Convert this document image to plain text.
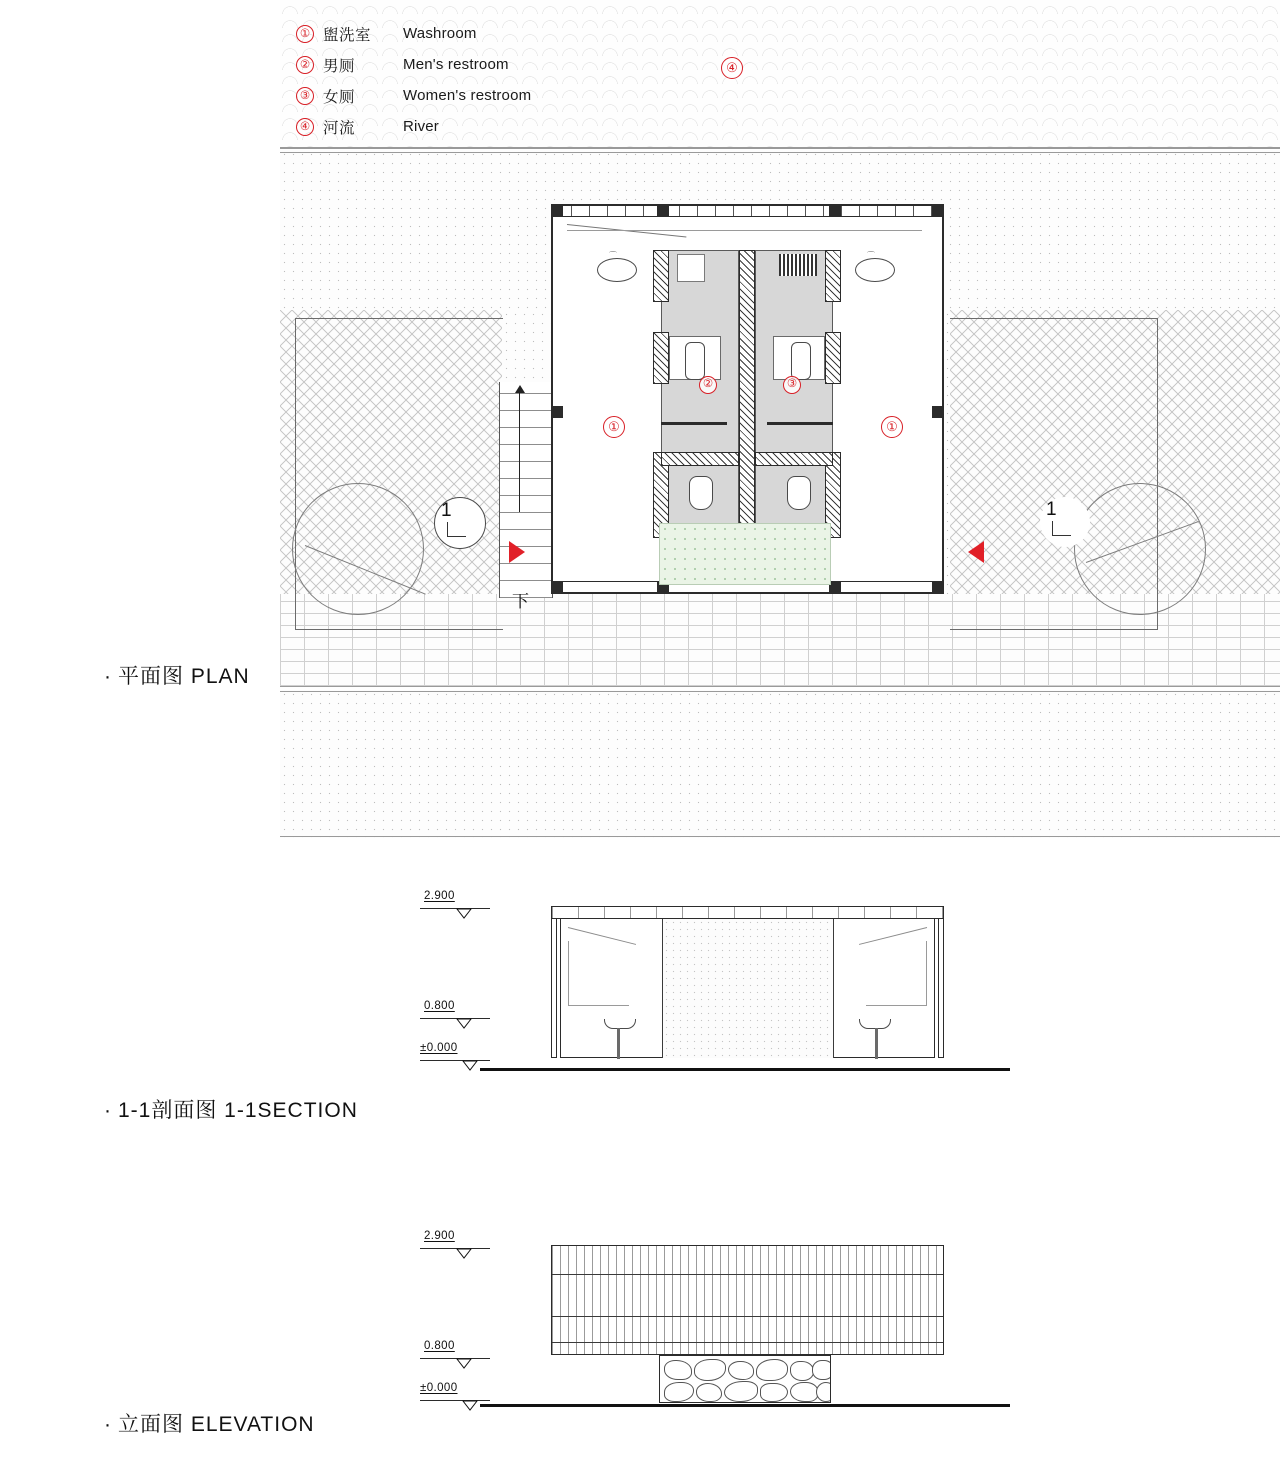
① 盥洗室	Washroom
② 男厕	Men's restroom
③ 女厕	Women's restroom
④ 河流	River
④
下
1	1
②	③
⌒	⌒
①	①
· 平面图 PLAN
2.900
0.800
±0.000
· 1-1剖面图 1-1SECTION
2.900
0.800
±0.000
· 立面图 ELEVATION
